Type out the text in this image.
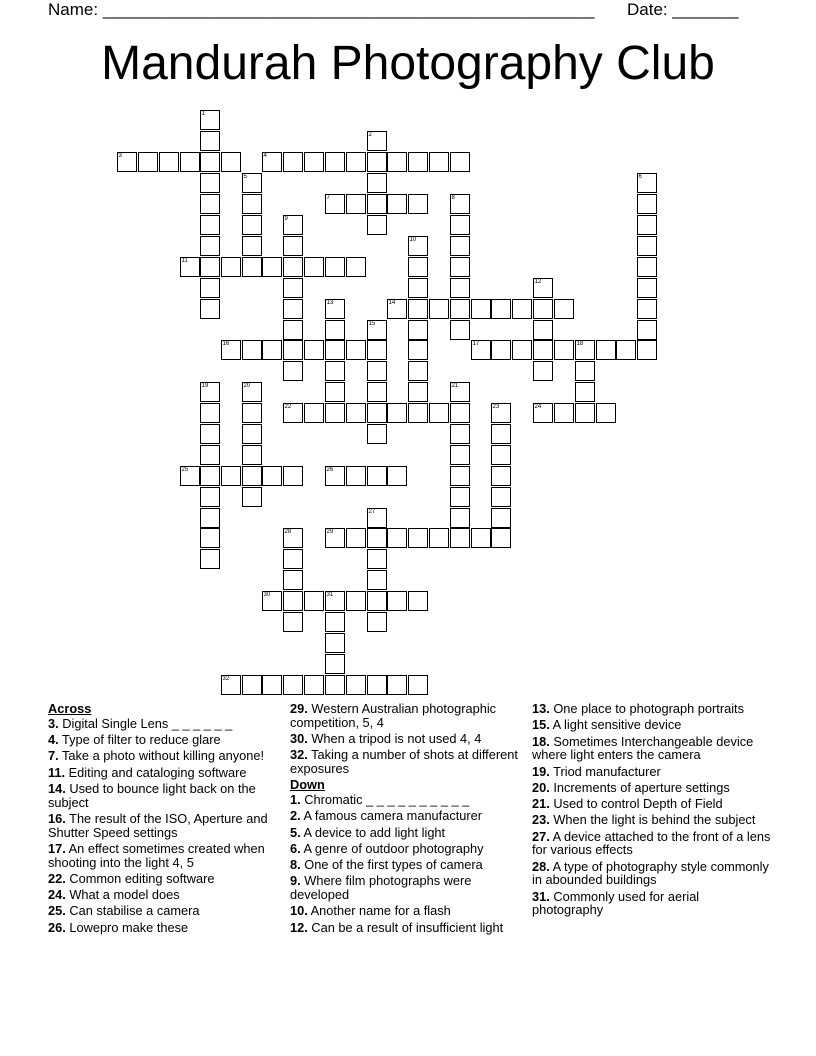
Name: ____________________________________________________ Date: _______
Mandurah Photography Club
1
3	4
2
5
7	8
6
9
10
11
12
14
13
15
16	17	18
19	20	21
22	23	24
25	26
27
28	29
30	31
32
Across
3. Digital Single Lens _ _ _ _ _ _
4. Type of filter to reduce glare
7. Take a photo without killing anyone!
11. Editing and cataloging software
14. Used to bounce light back on the subject
16. The result of the ISO, Aperture and Shutter Speed settings
17. An effect sometimes created when shooting into the light 4, 5
22. Common editing software
24. What a model does
25. Can stabilise a camera
26. Lowepro make these
29. Western Australian photographic competition, 5, 4
30. When a tripod is not used 4, 4
32. Taking a number of shots at different exposures
Down
1. Chromatic _ _ _ _ _ _ _ _ _ _
2. A famous camera manufacturer
5. A device to add light light
6. A genre of outdoor photography
8. One of the first types of camera
9. Where film photographs were developed
10. Another name for a flash
12. Can be a result of insufficient light
13. One place to photograph portraits
15. A light sensitive device
18. Sometimes Interchangeable device where light enters the camera
19. Triod manufacturer
20. Increments of aperture settings
21. Used to control Depth of Field
23. When the light is behind the subject
27. A device attached to the front of a lens for various effects
28. A type of photography style commonly in abounded buildings
31. Commonly used for aerial photography
